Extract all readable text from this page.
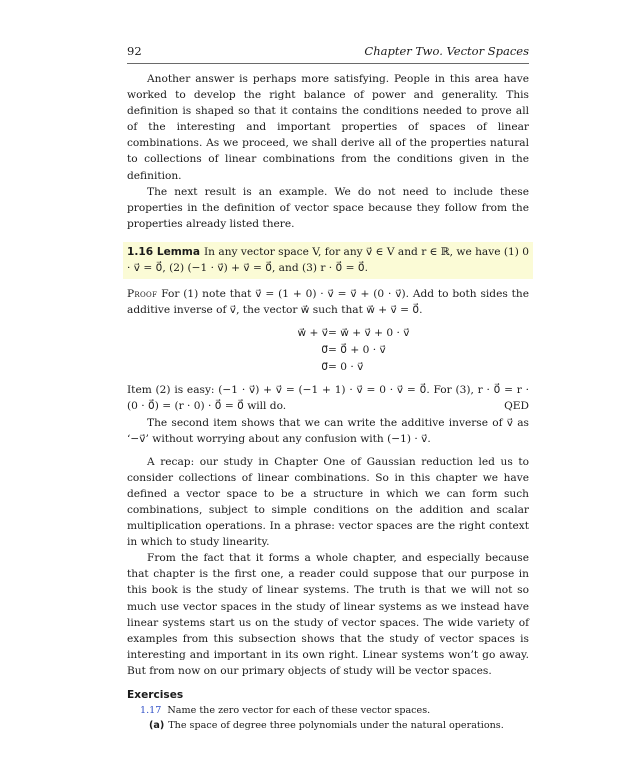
92	Chapter Two. Vector Spaces

Another answer is perhaps more satisfying. People in this area have worked to develop the right balance of power and generality. This definition is shaped so that it contains the conditions needed to prove all of the interesting and important properties of spaces of linear combinations. As we proceed, we shall derive all of the properties natural to collections of linear combinations from the conditions given in the definition.

The next result is an example. We do not need to include these properties in the definition of vector space because they follow from the properties already listed there.

1.16 Lemma In any vector space V, for any v⃗ ∈ V and r ∈ ℝ, we have (1) 0 · v⃗ = 0⃗, (2) (−1 · v⃗) + v⃗ = 0⃗, and (3) r · 0⃗ = 0⃗.

Proof For (1) note that v⃗ = (1 + 0) · v⃗ = v⃗ + (0 · v⃗). Add to both sides the additive inverse of v⃗, the vector w⃗ such that w⃗ + v⃗ = 0⃗.

w⃗ + v⃗ = w⃗ + v⃗ + 0 · v⃗
0⃗ = 0⃗ + 0 · v⃗
0⃗ = 0 · v⃗

Item (2) is easy: (−1 · v⃗) + v⃗ = (−1 + 1) · v⃗ = 0 · v⃗ = 0⃗. For (3), r · 0⃗ = r · (0 · 0⃗) = (r · 0) · 0⃗ = 0⃗ will do.	QED

The second item shows that we can write the additive inverse of v⃗ as ‘−v⃗’ without worrying about any confusion with (−1) · v⃗.

A recap: our study in Chapter One of Gaussian reduction led us to consider collections of linear combinations. So in this chapter we have defined a vector space to be a structure in which we can form such combinations, subject to simple conditions on the addition and scalar multiplication operations. In a phrase: vector spaces are the right context in which to study linearity.

From the fact that it forms a whole chapter, and especially because that chapter is the first one, a reader could suppose that our purpose in this book is the study of linear systems. The truth is that we will not so much use vector spaces in the study of linear systems as we instead have linear systems start us on the study of vector spaces. The wide variety of examples from this subsection shows that the study of vector spaces is interesting and important in its own right. Linear systems won’t go away. But from now on our primary objects of study will be vector spaces.

Exercises

1.17 Name the zero vector for each of these vector spaces.

(a) The space of degree three polynomials under the natural operations.
